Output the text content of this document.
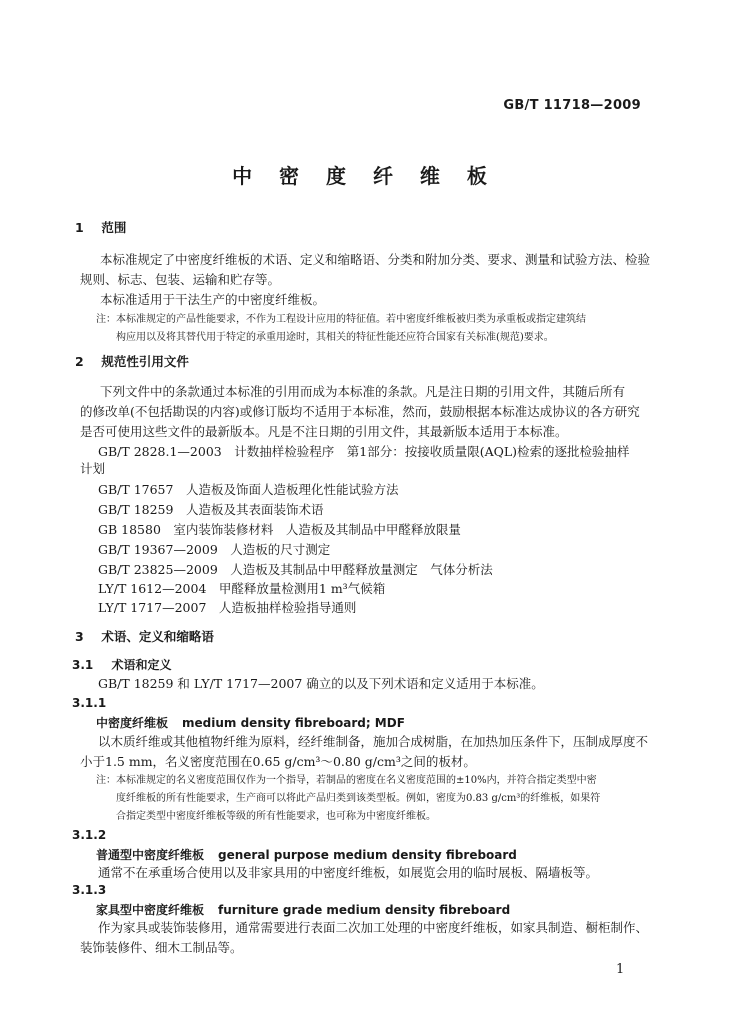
GB/T 11718—2009
中 密 度 纤 维 板
1 范围
本标准规定了中密度纤维板的术语、定义和缩略语、分类和附加分类、要求、测量和试验方法、检验
规则、标志、包装、运输和贮存等。
本标准适用于干法生产的中密度纤维板。
注：本标准规定的产品性能要求，不作为工程设计应用的特征值。若中密度纤维板被归类为承重板或指定建筑结
构应用以及将其替代用于特定的承重用途时，其相关的特征性能还应符合国家有关标准(规范)要求。
2 规范性引用文件
下列文件中的条款通过本标准的引用而成为本标准的条款。凡是注日期的引用文件，其随后所有
的修改单(不包括勘误的内容)或修订版均不适用于本标准，然而，鼓励根据本标准达成协议的各方研究
是否可使用这些文件的最新版本。凡是不注日期的引用文件，其最新版本适用于本标准。
GB/T 2828.1—2003　计数抽样检验程序　第1部分：按接收质量限(AQL)检索的逐批检验抽样
计划
GB/T 17657　人造板及饰面人造板理化性能试验方法
GB/T 18259　人造板及其表面装饰术语
GB 18580　室内装饰装修材料　人造板及其制品中甲醛释放限量
GB/T 19367—2009　人造板的尺寸测定
GB/T 23825—2009　人造板及其制品中甲醛释放量测定　气体分析法
LY/T 1612—2004　甲醛释放量检测用1 m³气候箱
LY/T 1717—2007　人造板抽样检验指导通则
3 术语、定义和缩略语
3.1 术语和定义
GB/T 18259 和 LY/T 1717—2007 确立的以及下列术语和定义适用于本标准。
3.1.1
中密度纤维板 medium density fibreboard; MDF
以木质纤维或其他植物纤维为原料，经纤维制备，施加合成树脂，在加热加压条件下，压制成厚度不
小于1.5 mm，名义密度范围在0.65 g/cm³～0.80 g/cm³之间的板材。
注：本标准规定的名义密度范围仅作为一个指导，若制品的密度在名义密度范围的±10%内，并符合指定类型中密
度纤维板的所有性能要求，生产商可以将此产品归类到该类型板。例如，密度为0.83 g/cm³的纤维板，如果符
合指定类型中密度纤维板等级的所有性能要求，也可称为中密度纤维板。
3.1.2
普通型中密度纤维板 general purpose medium density fibreboard
通常不在承重场合使用以及非家具用的中密度纤维板，如展览会用的临时展板、隔墙板等。
3.1.3
家具型中密度纤维板 furniture grade medium density fibreboard
作为家具或装饰装修用，通常需要进行表面二次加工处理的中密度纤维板，如家具制造、橱柜制作、
装饰装修件、细木工制品等。
1
